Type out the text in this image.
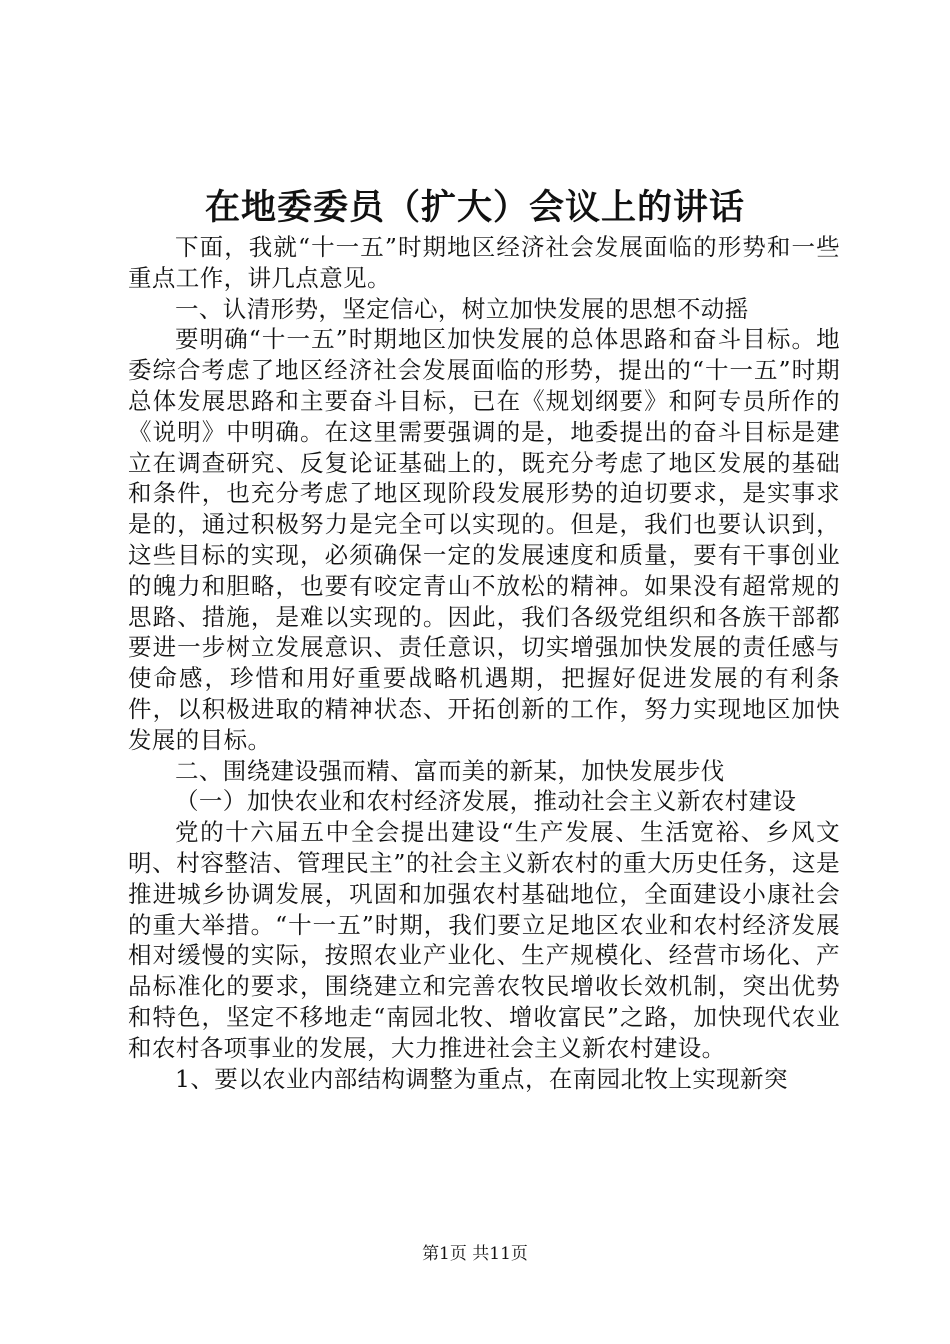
在地委委员（扩大）会议上的讲话

下面，我就“十一五”时期地区经济社会发展面临的形势和一些重点工作，讲几点意见。

一、认清形势，坚定信心，树立加快发展的思想不动摇

要明确“十一五”时期地区加快发展的总体思路和奋斗目标。地委综合考虑了地区经济社会发展面临的形势，提出的“十一五”时期总体发展思路和主要奋斗目标，已在《规划纲要》和阿专员所作的《说明》中明确。在这里需要强调的是，地委提出的奋斗目标是建立在调查研究、反复论证基础上的，既充分考虑了地区发展的基础和条件，也充分考虑了地区现阶段发展形势的迫切要求，是实事求是的，通过积极努力是完全可以实现的。但是，我们也要认识到，这些目标的实现，必须确保一定的发展速度和质量，要有干事创业的魄力和胆略，也要有咬定青山不放松的精神。如果没有超常规的思路、措施，是难以实现的。因此，我们各级党组织和各族干部都要进一步树立发展意识、责任意识，切实增强加快发展的责任感与使命感，珍惜和用好重要战略机遇期，把握好促进发展的有利条件，以积极进取的精神状态、开拓创新的工作，努力实现地区加快发展的目标。

二、围绕建设强而精、富而美的新某，加快发展步伐

（一）加快农业和农村经济发展，推动社会主义新农村建设

党的十六届五中全会提出建设“生产发展、生活宽裕、乡风文明、村容整洁、管理民主”的社会主义新农村的重大历史任务，这是推进城乡协调发展，巩固和加强农村基础地位，全面建设小康社会的重大举措。“十一五”时期，我们要立足地区农业和农村经济发展相对缓慢的实际，按照农业产业化、生产规模化、经营市场化、产品标准化的要求，围绕建立和完善农牧民增收长效机制，突出优势和特色，坚定不移地走“南园北牧、增收富民”之路，加快现代农业和农村各项事业的发展，大力推进社会主义新农村建设。

1、要以农业内部结构调整为重点，在南园北牧上实现新突

第1页 共11页
